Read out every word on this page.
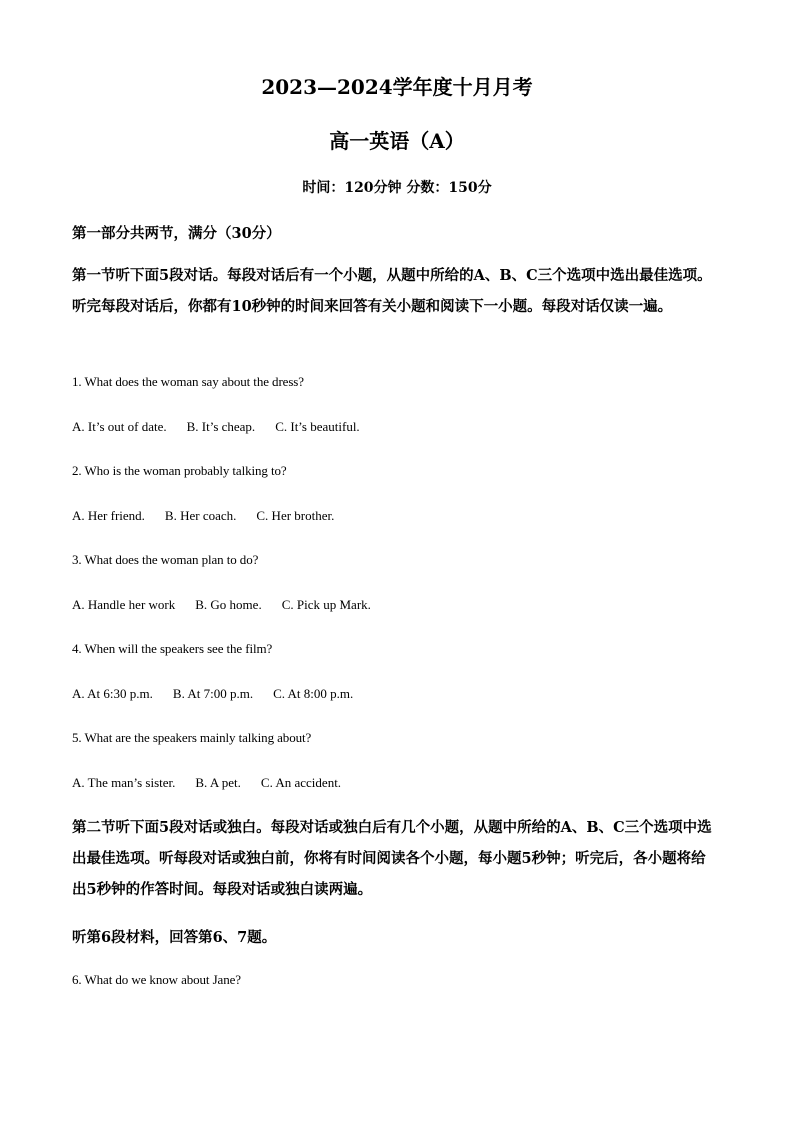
2023—2024学年度十月月考
高一英语（A）
时间：120分钟 分数：150分
第一部分共两节，满分（30分）
第一节听下面5段对话。每段对话后有一个小题，从题中所给的A、B、C三个选项中选出最佳选项。听完每段对话后，你都有10秒钟的时间来回答有关小题和阅读下一小题。每段对话仅读一遍。
1. What does the woman say about the dress?
A. It’s out of date. B. It’s cheap. C. It’s beautiful.
2. Who is the woman probably talking to?
A. Her friend. B. Her coach. C. Her brother.
3. What does the woman plan to do?
A. Handle her work B. Go home. C. Pick up Mark.
4. When will the speakers see the film?
A. At 6:30 p.m. B. At 7:00 p.m. C. At 8:00 p.m.
5. What are the speakers mainly talking about?
A. The man’s sister. B. A pet. C. An accident.
第二节听下面5段对话或独白。每段对话或独白后有几个小题，从题中所给的A、B、C三个选项中选出最佳选项。听每段对话或独白前，你将有时间阅读各个小题，每小题5秒钟；听完后，各小题将给出5秒钟的作答时间。每段对话或独白读两遍。
听第6段材料，回答第6、7题。
6. What do we know about Jane?
